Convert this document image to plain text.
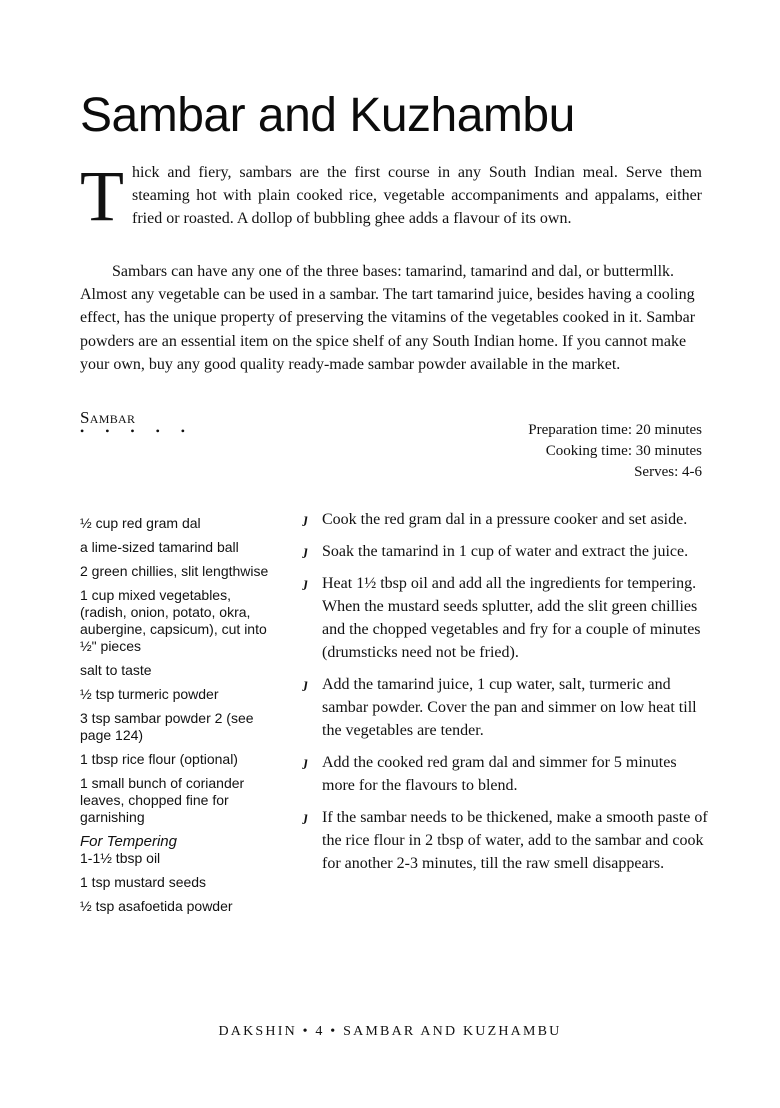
Sambar and Kuzhambu

Thick and fiery, sambars are the first course in any South Indian meal. Serve them steaming hot with plain cooked rice, vegetable accompaniments and appalams, either fried or roasted. A dollop of bubbling ghee adds a flavour of its own.

Sambars can have any one of the three bases: tamarind, tamarind and dal, or buttermllk. Almost any vegetable can be used in a sambar. The tart tamarind juice, besides having a cooling effect, has the unique property of preserving the vitamins of the vegetables cooked in it. Sambar powders are an essential item on the spice shelf of any South Indian home. If you cannot make your own, buy any good quality ready-made sambar powder available in the market.

Sambar
• • • • •	Preparation time: 20 minutes
Cooking time: 30 minutes
Serves: 4-6
½ cup red gram dal
a lime-sized tamarind ball
2 green chillies, slit lengthwise
1 cup mixed vegetables, (radish, onion, potato, okra, aubergine, capsicum), cut into ½" pieces
salt to taste
½ tsp turmeric powder
3 tsp sambar powder 2 (see page 124)
1 tbsp rice flour (optional)
1 small bunch of coriander leaves, chopped fine for garnishing
For Tempering
1-1½ tbsp oil
1 tsp mustard seeds
½ tsp asafoetida powder
ȷ Cook the red gram dal in a pressure cooker and set aside.
ȷ Soak the tamarind in 1 cup of water and extract the juice.
ȷ Heat 1½ tbsp oil and add all the ingredients for tempering. When the mustard seeds splutter, add the slit green chillies and the chopped vegetables and fry for a couple of minutes (drumsticks need not be fried).
ȷ Add the tamarind juice, 1 cup water, salt, turmeric and sambar powder. Cover the pan and simmer on low heat till the vegetables are tender.
ȷ Add the cooked red gram dal and simmer for 5 minutes more for the flavours to blend.
ȷ If the sambar needs to be thickened, make a smooth paste of the rice flour in 2 tbsp of water, add to the sambar and cook for another 2-3 minutes, till the raw smell disappears.
DAKSHIN • 4 • SAMBAR AND KUZHAMBU
